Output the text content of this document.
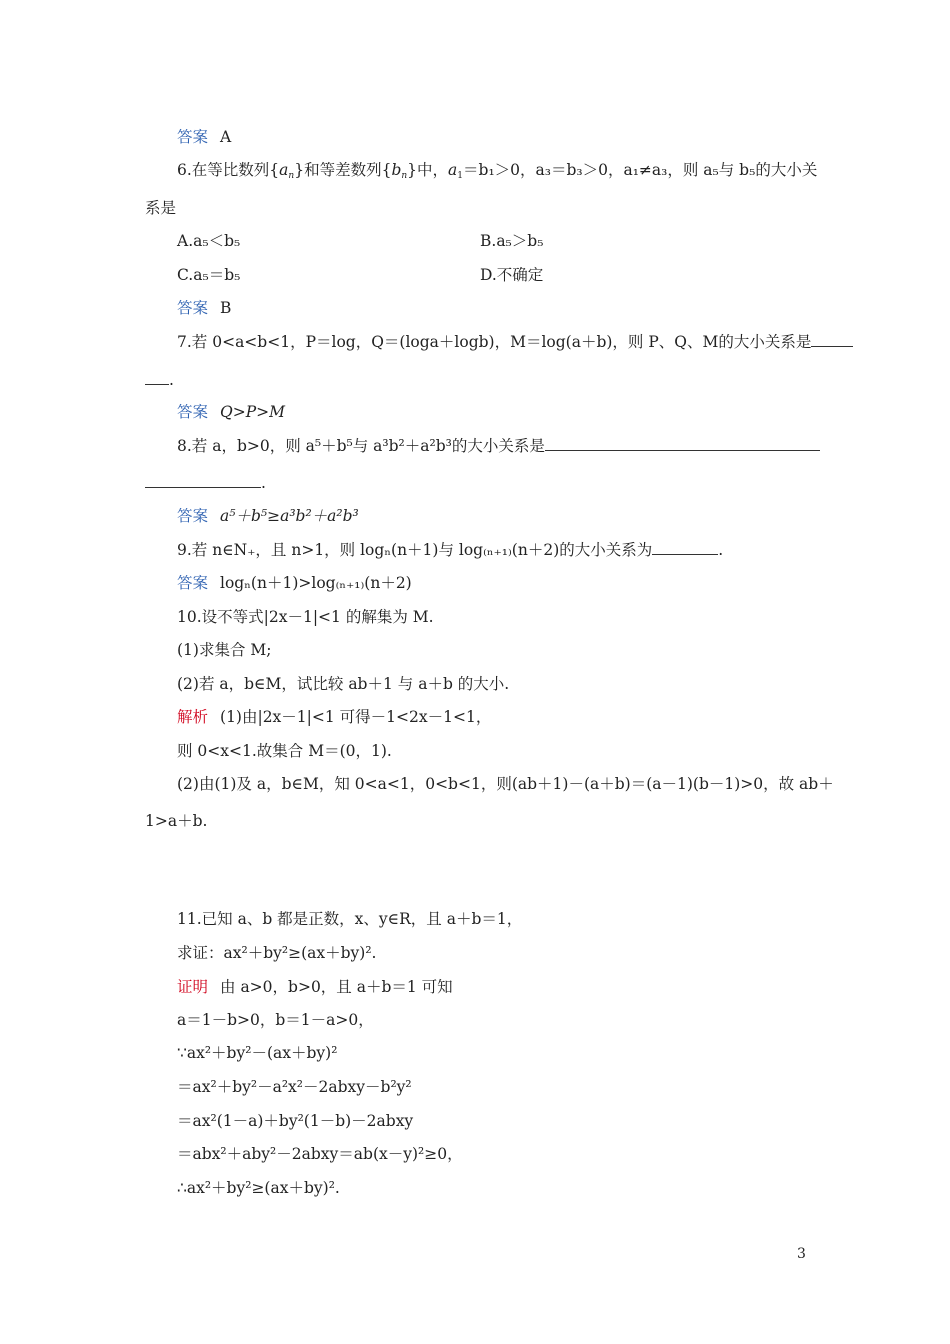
答案 A
6.在等比数列$\{a_n\}$和等差数列$\{b_n\}$中，$a_1=b_1>0$，a₃＝b₃＞0，a₁≠a₃，则 a₅与 b₅的大小关
系是
A.a₅＜b₅	B.a₅＞b₅
C.a₅＝b₅	D.不确定
答案 B
7.若 0<a<b<1，P＝log，Q＝(loga＋logb)，M＝log(a＋b)，则 P、Q、M的大小关系是
.
答案 Q>P>M
8.若 a，b>0，则 a⁵＋b⁵与 a³b²＋a²b³的大小关系是
.
答案 a⁵＋b⁵≥a³b²＋a²b³
9.若 n∈N₊，且 n>1，则 logₙ(n＋1)与 log₍ₙ₊₁₎(n＋2)的大小关系为	.
答案 logₙ(n＋1)>log₍ₙ₊₁₎(n＋2)
10.设不等式|2x－1|<1 的解集为 M.
(1)求集合 M;
(2)若 a，b∈M，试比较 ab＋1 与 a＋b 的大小.
解析 (1)由|2x－1|<1 可得－1<2x－1<1，
则 0<x<1.故集合 M＝(0，1).
(2)由(1)及 a，b∈M，知 0<a<1，0<b<1，则(ab＋1)－(a＋b)＝(a－1)(b－1)>0，故 ab＋
1>a＋b.
11.已知 a、b 都是正数，x、y∈R，且 a＋b＝1，
求证：ax²＋by²≥(ax＋by)².
证明 由 a>0，b>0，且 a＋b＝1 可知
a＝1－b>0，b＝1－a>0，
∵ax²＋by²－(ax＋by)²
＝ax²＋by²－a²x²－2abxy－b²y²
＝ax²(1－a)＋by²(1－b)－2abxy
＝abx²＋aby²－2abxy＝ab(x－y)²≥0，
∴ax²＋by²≥(ax＋by)².
3
